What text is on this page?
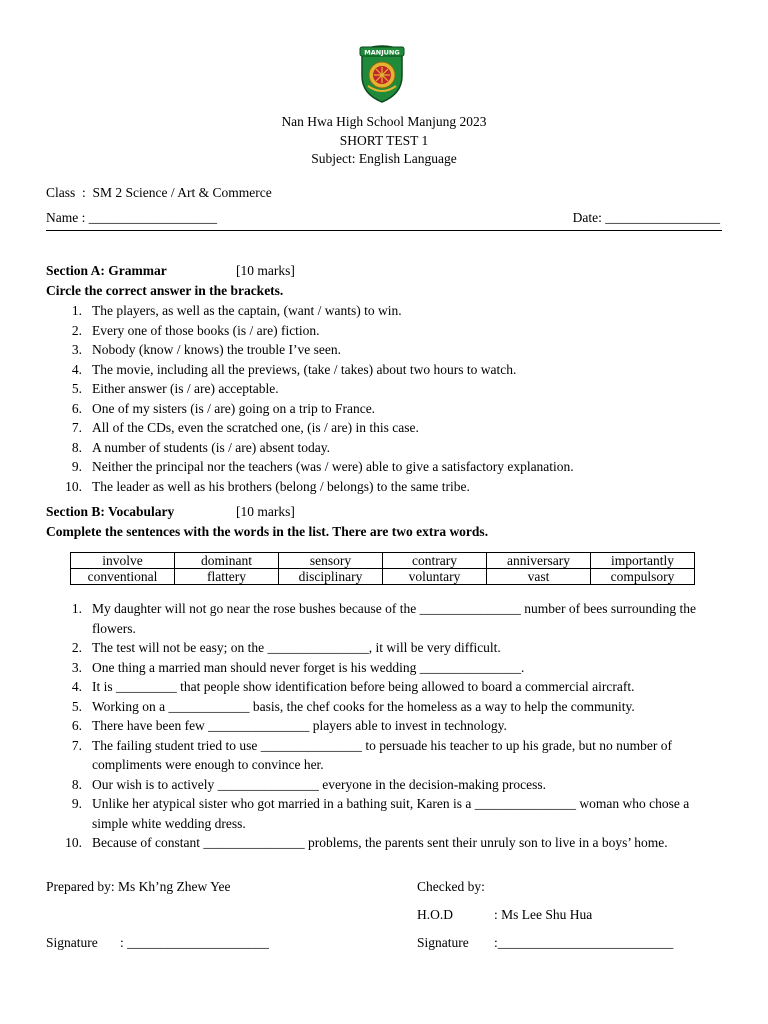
MANJUNG
Nan Hwa High School Manjung 2023
SHORT TEST 1
Subject: English Language
Class : SM 2 Science / Art & Commerce
Name : ___________________	Date: _________________
Section A: Grammar	[10 marks]
Circle the correct answer in the brackets.
1. The players, as well as the captain, (want / wants) to win.
2. Every one of those books (is / are) fiction.
3. Nobody (know / knows) the trouble I’ve seen.
4. The movie, including all the previews, (take / takes) about two hours to watch.
5. Either answer (is / are) acceptable.
6. One of my sisters (is / are) going on a trip to France.
7. All of the CDs, even the scratched one, (is / are) in this case.
8. A number of students (is / are) absent today.
9. Neither the principal nor the teachers (was / were) able to give a satisfactory explanation.
10. The leader as well as his brothers (belong / belongs) to the same tribe.
Section B: Vocabulary	[10 marks]
Complete the sentences with the words in the list. There are two extra words.
involve	dominant	sensory	contrary	anniversary	importantly
conventional	flattery	disciplinary	voluntary	vast	compulsory
1. My daughter will not go near the rose bushes because of the _______________ number of bees surrounding the flowers.
2. The test will not be easy; on the _______________, it will be very difficult.
3. One thing a married man should never forget is his wedding _______________.
4. It is _________ that people show identification before being allowed to board a commercial aircraft.
5. Working on a ____________ basis, the chef cooks for the homeless as a way to help the community.
6. There have been few _______________ players able to invest in technology.
7. The failing student tried to use _______________ to persuade his teacher to up his grade, but no number of compliments were enough to convince her.
8. Our wish is to actively _______________ everyone in the decision-making process.
9. Unlike her atypical sister who got married in a bathing suit, Karen is a _______________ woman who chose a simple white wedding dress.
10. Because of constant _______________ problems, the parents sent their unruly son to live in a boys’ home.
Prepared by: Ms Kh’ng Zhew Yee	Checked by:
H.O.D	: Ms Lee Shu Hua
Signature : _____________________	Signature :__________________________
